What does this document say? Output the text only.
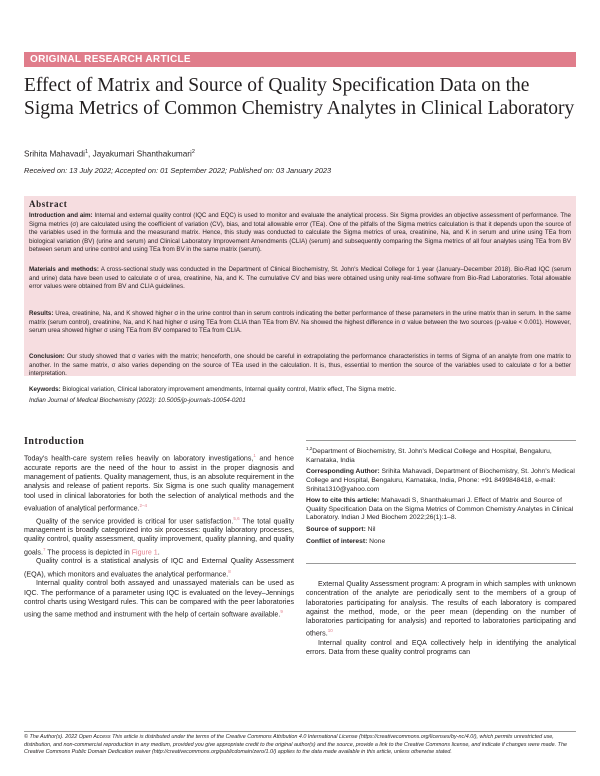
ORIGINAL RESEARCH ARTICLE
Effect of Matrix and Source of Quality Specification Data on the Sigma Metrics of Common Chemistry Analytes in Clinical Laboratory
Srihita Mahavadi$^1$, Jayakumari Shanthakumari$^2$
Received on: 13 July 2022; Accepted on: 01 September 2022; Published on: 03 January 2023
Abstract

Introduction and aim: Internal and external quality control (IQC and EQC) is used to monitor and evaluate the analytical process. Six Sigma provides an objective assessment of performance. The Sigma metrics (σ) are calculated using the coefficient of variation (CV), bias, and total allowable error (TEa). One of the pitfalls of the Sigma metrics calculation is that it depends upon the source of the variables used in the formula and the measurand matrix. Hence, this study was conducted to calculate the Sigma metrics of urea, creatinine, Na, and K in serum and urine using TEa from biological variation (BV) (urine and serum) and Clinical Laboratory Improvement Amendments (CLIA) (serum) and subsequently comparing the Sigma metrics of all four analytes using TEa from BV between serum and urine control and using TEa from BV in the same matrix (serum).

Materials and methods: A cross-sectional study was conducted in the Department of Clinical Biochemistry, St. John's Medical College for 1 year (January–December 2018). Bio-Rad IQC (serum and urine) data have been used to calculate σ of urea, creatinine, Na, and K. The cumulative CV and bias were obtained using unity real-time software from Bio-Rad Laboratories. Total allowable error values were obtained from BV and CLIA guidelines.

Results: Urea, creatinine, Na, and K showed higher σ in the urine control than in serum controls indicating the better performance of these parameters in the urine matrix than in serum. In the same matrix (serum control), creatinine, Na, and K had higher σ using TEa from CLIA than TEa from BV. Na showed the highest difference in σ value between the two sources (p-value < 0.001). However, serum urea showed higher σ using TEa from BV compared to TEa from CLIA.

Conclusion: Our study showed that σ varies with the matrix; henceforth, one should be careful in extrapolating the performance characteristics in terms of Sigma of an analyte from one matrix to another. In the same matrix, σ also varies depending on the source of TEa used in the calculation. It is, thus, essential to mention the source of the variables used to calculate σ for a better interpretation.

Keywords: Biological variation, Clinical laboratory improvement amendments, Internal quality control, Matrix effect, The Sigma metric.

Indian Journal of Medical Biochemistry (2022): 10.5005/jp-journals-10054-0201

Introduction

Today's health-care system relies heavily on laboratory investigations,$^1$ and hence accurate reports are the need of the hour to assist in the proper diagnosis and management of patients. Quality management, thus, is an absolute requirement in the analysis and release of patient reports. Six Sigma is one such quality management tool used in clinical laboratories for both the selection of analytical methods and the evaluation of analytical performance.$^{2-4}$

Quality of the service provided is critical for user satisfaction.$^{5,6}$ The total quality management is broadly categorized into six processes: quality laboratory processes, quality control, quality assessment, quality improvement, quality planning, and quality goals.$^7$ The process is depicted in Figure 1.

Quality control is a statistical analysis of IQC and External Quality Assessment (EQA), which monitors and evaluates the analytical performance.$^8$

Internal quality control both assayed and unassayed materials can be used as IQC. The performance of a parameter using IQC is evaluated on the levey–Jennings control charts using Westgard rules. This can be compared with the peer laboratories using the same method and instrument with the help of certain software available.$^9$

$^{1,2}$Department of Biochemistry, St. John's Medical College and Hospital, Bengaluru, Karnataka, India

Corresponding Author: Srihita Mahavadi, Department of Biochemistry, St. John's Medical College and Hospital, Bengaluru, Karnataka, India, Phone: +91 8499848418, e-mail: Srihita1310@yahoo.com

How to cite this article: Mahavadi S, Shanthakumari J. Effect of Matrix and Source of Quality Specification Data on the Sigma Metrics of Common Chemistry Analytes in Clinical Laboratory. Indian J Med Biochem 2022;26(1):1–8.

Source of support: Nil

Conflict of interest: None

External Quality Assessment program: A program in which samples with unknown concentration of the analyte are periodically sent to the members of a group of laboratories participating for analysis. The results of each laboratory is compared against the method, mode, or the peer mean (depending on the number of laboratories participating for analysis) and reported to laboratories participating and others.$^{10}$

Internal quality control and EQA collectively help in identifying the analytical errors. Data from these quality control programs can

© The Author(s). 2022 Open Access This article is distributed under the terms of the Creative Commons Attribution 4.0 International License (https://creativecommons.org/licenses/by-nc/4.0/), which permits unrestricted use, distribution, and non-commercial reproduction in any medium, provided you give appropriate credit to the original author(s) and the source, provide a link to the Creative Commons license, and indicate if changes were made. The Creative Commons Public Domain Dedication waiver (http://creativecommons.org/publicdomain/zero/1.0/) applies to the data made available in this article, unless otherwise stated.
